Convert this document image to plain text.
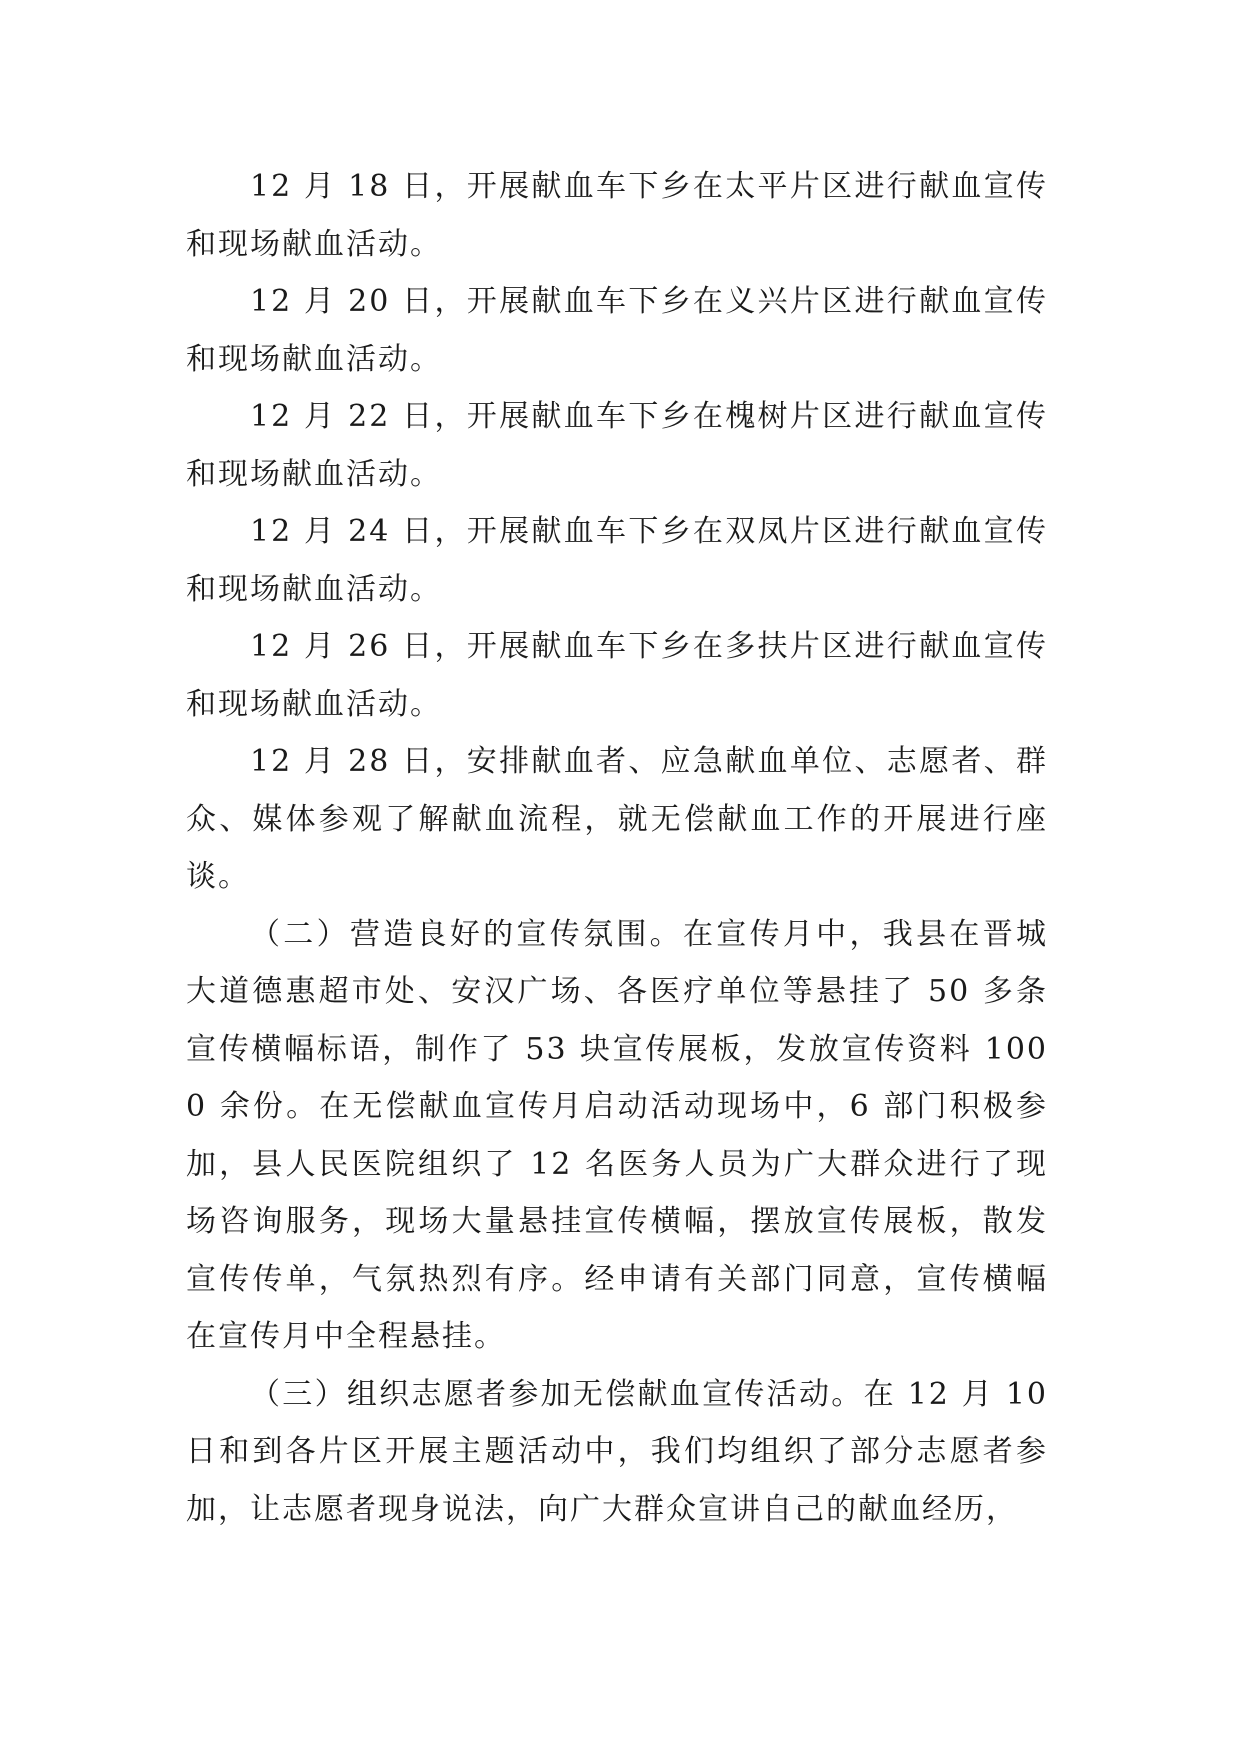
12 月 18 日，开展献血车下乡在太平片区进行献血宣传和现场献血活动。

12 月 20 日，开展献血车下乡在义兴片区进行献血宣传和现场献血活动。

12 月 22 日，开展献血车下乡在槐树片区进行献血宣传和现场献血活动。

12 月 24 日，开展献血车下乡在双凤片区进行献血宣传和现场献血活动。

12 月 26 日，开展献血车下乡在多扶片区进行献血宣传和现场献血活动。

12 月 28 日，安排献血者、应急献血单位、志愿者、群众、媒体参观了解献血流程，就无偿献血工作的开展进行座谈。

（二）营造良好的宣传氛围。在宣传月中，我县在晋城大道德惠超市处、安汉广场、各医疗单位等悬挂了 50 多条宣传横幅标语，制作了 53 块宣传展板，发放宣传资料 1000 余份。在无偿献血宣传月启动活动现场中，6 部门积极参加，县人民医院组织了 12 名医务人员为广大群众进行了现场咨询服务，现场大量悬挂宣传横幅，摆放宣传展板，散发宣传传单，气氛热烈有序。经申请有关部门同意，宣传横幅在宣传月中全程悬挂。

（三）组织志愿者参加无偿献血宣传活动。在 12 月 10 日和到各片区开展主题活动中，我们均组织了部分志愿者参加，让志愿者现身说法，向广大群众宣讲自己的献血经历，
